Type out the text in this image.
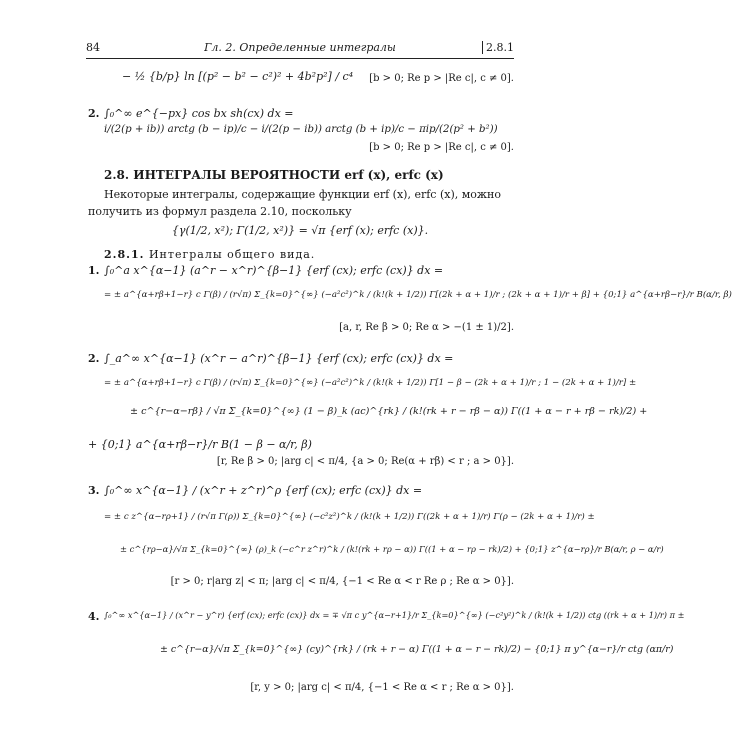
84	Гл. 2. Определенные интегралы	2.8.1
− ½ {b/p} ln [(p² − b² − c²)² + 4b²p²] / c⁴ [b > 0; Re p > |Re c|, c ≠ 0].
2. ∫₀^∞ e^{−px} cos bx sh(cx) dx =
i/(2(p + ib)) arctg (b − ip)/c − i/(2(p − ib)) arctg (b + ip)/c − πip/(2(p² + b²))
[b > 0; Re p > |Re c|, c ≠ 0].
2.8. ИНТЕГРАЛЫ ВЕРОЯТНОСТИ erf (x), erfc (x)
Некоторые интегралы, содержащие функции erf (x), erfc (x), можно получить из формул раздела 2.10, поскольку
{γ(1/2, x²); Γ(1/2, x²)} = √π {erf (x); erfc (x)}.
2.8.1. Интегралы общего вида.
1. ∫₀^a x^{α−1} (a^r − x^r)^{β−1} {erf (cx); erfc (cx)} dx =
= ± a^{α+rβ+1−r} c Γ(β) / (r√π) Σ_{k=0}^{∞} (−a²c²)^k / (k!(k + 1/2)) Γ[(2k + α + 1)/r ; (2k + α + 1)/r + β] + {0;1} a^{α+rβ−r}/r B(α/r, β)
[a, r, Re β > 0; Re α > −(1 ± 1)/2].
2. ∫_a^∞ x^{α−1} (x^r − a^r)^{β−1} {erf (cx); erfc (cx)} dx =
= ± a^{α+rβ+1−r} c Γ(β) / (r√π) Σ_{k=0}^{∞} (−a²c²)^k / (k!(k + 1/2)) Γ[1 − β − (2k + α + 1)/r ; 1 − (2k + α + 1)/r] ±
± c^{r−α−rβ} / √π Σ_{k=0}^{∞} (1 − β)_k (ac)^{rk} / (k!(rk + r − rβ − α)) Γ((1 + α − r + rβ − rk)/2) +
+ {0;1} a^{α+rβ−r}/r B(1 − β − α/r, β)
[r, Re β > 0; |arg c| < π/4, {a > 0; Re(α + rβ) < r ; a > 0}].
3. ∫₀^∞ x^{α−1} / (x^r + z^r)^ρ {erf (cx); erfc (cx)} dx =
= ± c z^{α−rρ+1} / (r√π Γ(ρ)) Σ_{k=0}^{∞} (−c²z²)^k / (k!(k + 1/2)) Γ((2k + α + 1)/r) Γ(ρ − (2k + α + 1)/r) ±
± c^{rρ−α}/√π Σ_{k=0}^{∞} (ρ)_k (−c^r z^r)^k / (k!(rk + rρ − α)) Γ((1 + α − rρ − rk)/2) + {0;1} z^{α−rρ}/r B(α/r, ρ − α/r)
[r > 0; r|arg z| < π; |arg c| < π/4, {−1 < Re α < r Re ρ ; Re α > 0}].
4. ∫₀^∞ x^{α−1} / (x^r − y^r) {erf (cx); erfc (cx)} dx = ∓ √π c y^{α−r+1}/r Σ_{k=0}^{∞} (−c²y²)^k / (k!(k + 1/2)) ctg ((rk + α + 1)/r) π ±
± c^{r−α}/√π Σ_{k=0}^{∞} (cy)^{rk} / (rk + r − α) Γ((1 + α − r − rk)/2) − {0;1} π y^{α−r}/r ctg (απ/r)
[r, y > 0; |arg c| < π/4, {−1 < Re α < r ; Re α > 0}].
